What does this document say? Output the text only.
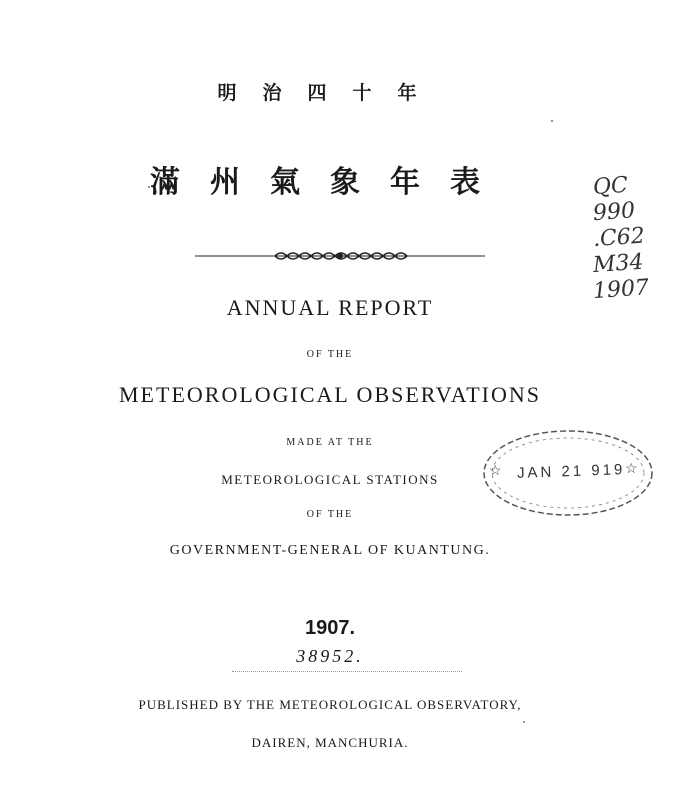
明治四十年
滿州氣象年表
ANNUAL REPORT
OF THE
METEOROLOGICAL OBSERVATIONS
MADE AT THE
METEOROLOGICAL STATIONS
OF THE
GOVERNMENT-GENERAL OF KUANTUNG.
1907.
38952.
PUBLISHED BY THE METEOROLOGICAL OBSERVATORY,
DAIREN, MANCHURIA.
QC
990
.C62
M34
1907
☆ JAN 21 919 ☆
